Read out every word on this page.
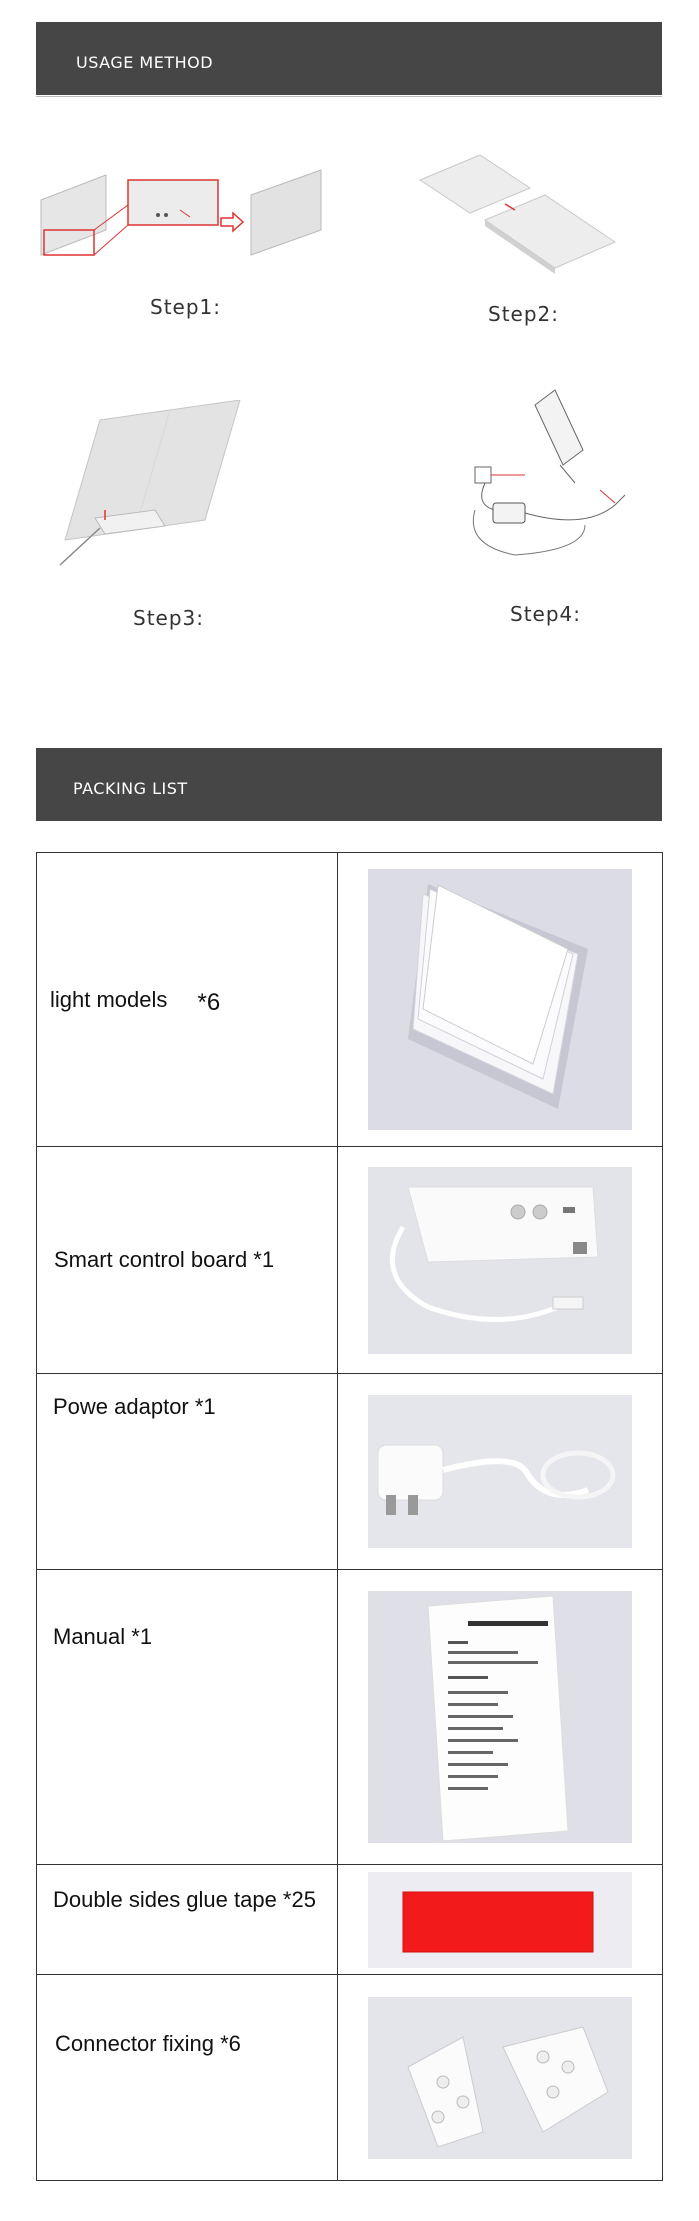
USAGE METHOD
Step1:	Step2:
Step3:	Step4:
PACKING LIST
light models *6	
Smart control board *1	
Powe adaptor *1	
Manual *1	
Double sides glue tape *25	
Connector fixing *6	
